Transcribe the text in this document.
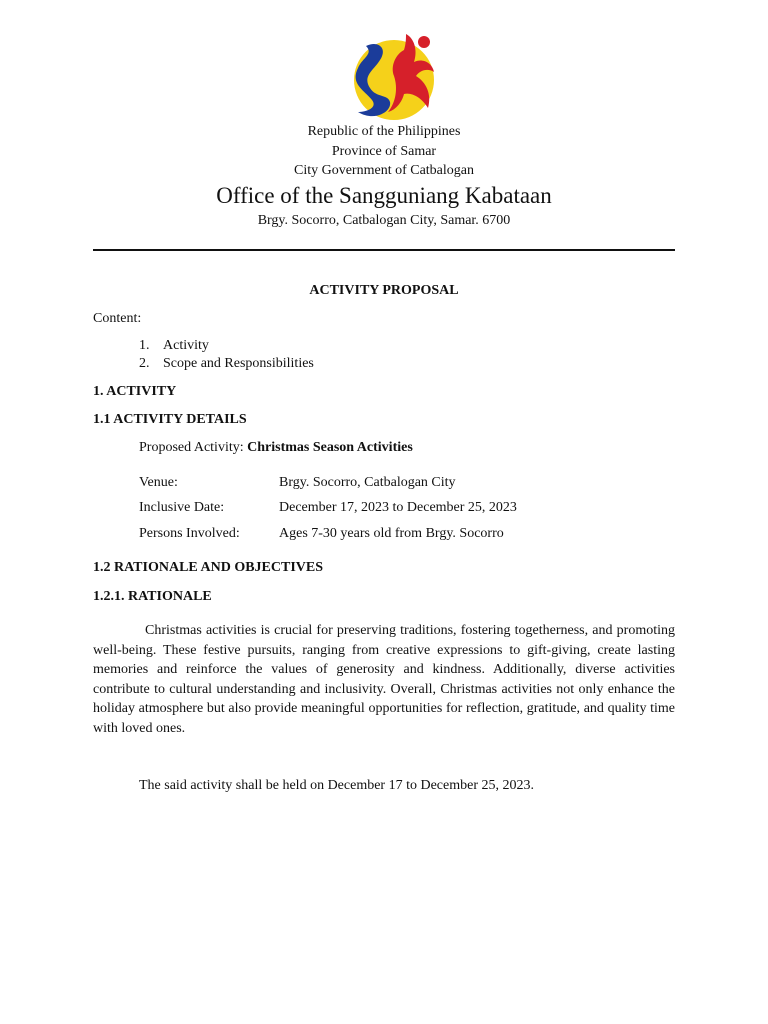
Republic of the Philippines
Province of Samar
City Government of Catbalogan
Office of the Sangguniang Kabataan
Brgy. Socorro, Catbalogan City, Samar. 6700
ACTIVITY PROPOSAL
Content:
1. Activity
2. Scope and Responsibilities
1. ACTIVITY
1.1 ACTIVITY DETAILS
Proposed Activity: Christmas Season Activities
Venue:	Brgy. Socorro, Catbalogan City
Inclusive Date:	December 17, 2023 to December 25, 2023
Persons Involved:	Ages 7-30 years old from Brgy. Socorro
1.2 RATIONALE AND OBJECTIVES
1.2.1. RATIONALE
Christmas activities is crucial for preserving traditions, fostering togetherness, and promoting well-being. These festive pursuits, ranging from creative expressions to gift-giving, create lasting memories and reinforce the values of generosity and kindness. Additionally, diverse activities contribute to cultural understanding and inclusivity. Overall, Christmas activities not only enhance the holiday atmosphere but also provide meaningful opportunities for reflection, gratitude, and quality time with loved ones.
The said activity shall be held on December 17 to December 25, 2023.
